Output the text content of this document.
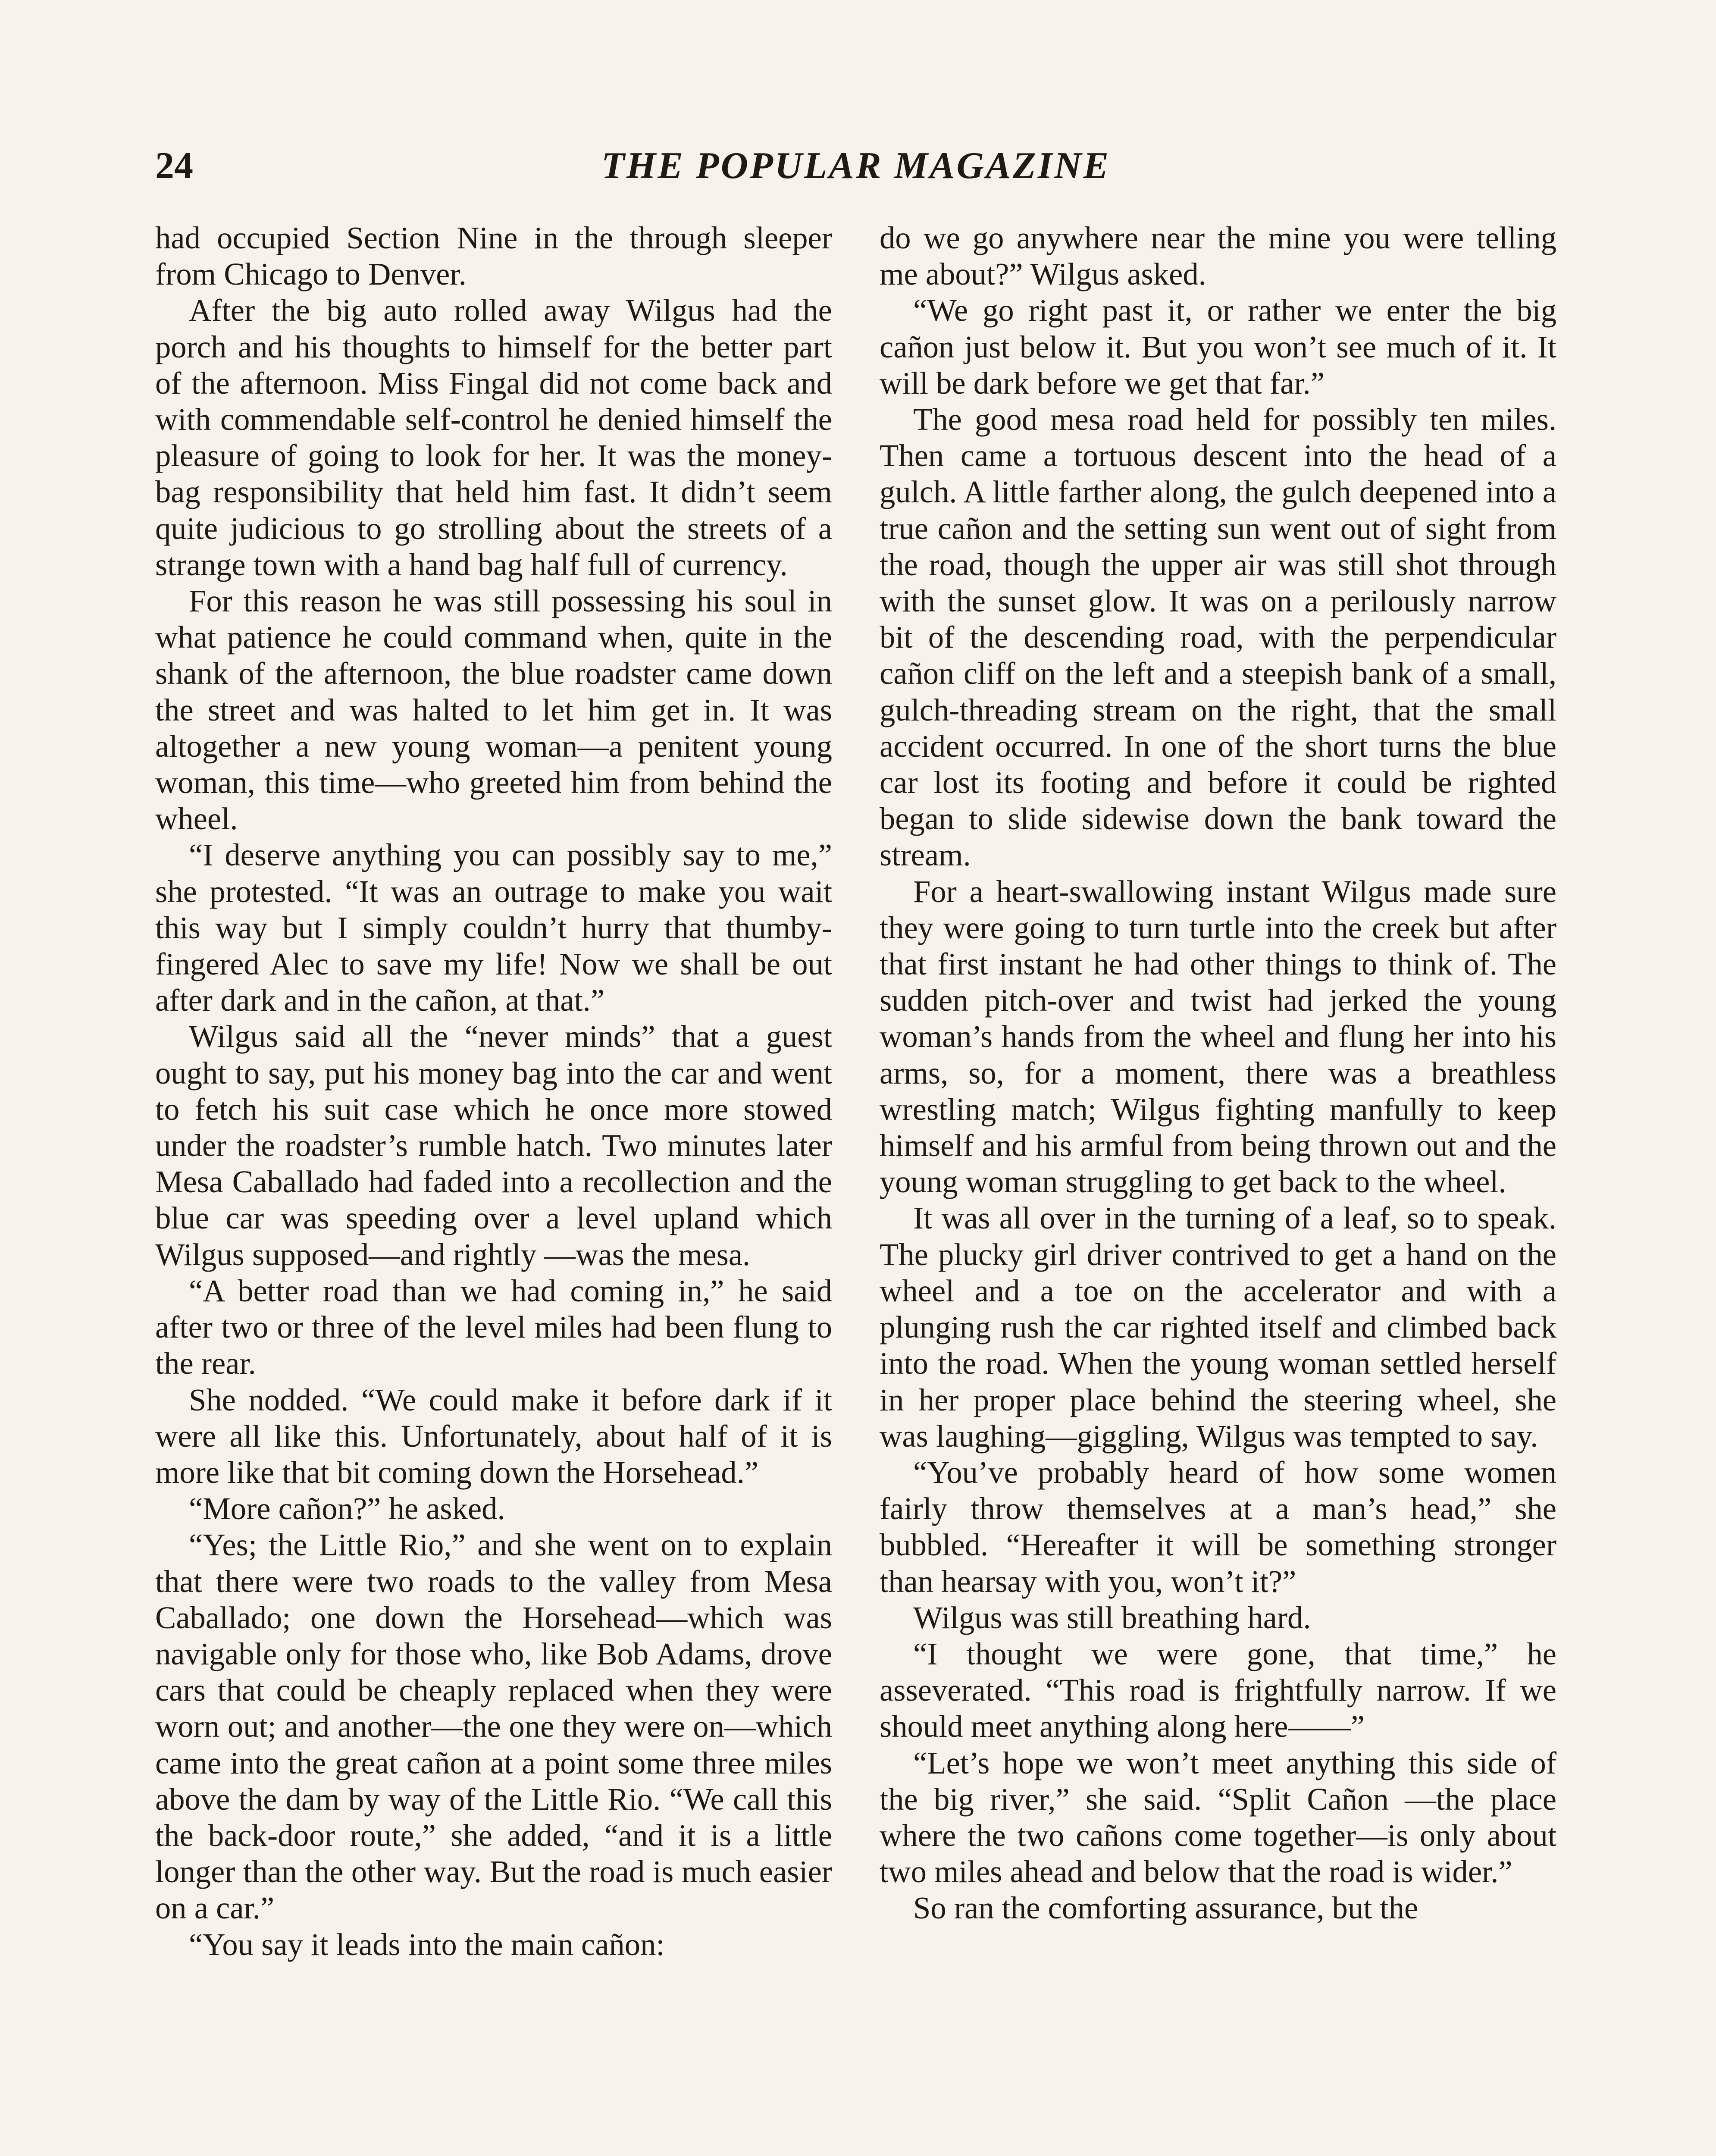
24	THE POPULAR MAGAZINE

had occupied Section Nine in the through sleeper from Chicago to Denver.

After the big auto rolled away Wilgus had the porch and his thoughts to himself for the better part of the afternoon. Miss Fingal did not come back and with commendable self-control he denied himself the pleasure of going to look for her. It was the money-bag responsibility that held him fast. It didn’t seem quite judicious to go strolling about the streets of a strange town with a hand bag half full of currency.

For this reason he was still possessing his soul in what patience he could command when, quite in the shank of the afternoon, the blue roadster came down the street and was halted to let him get in. It was altogether a new young woman—a penitent young woman, this time—who greeted him from behind the wheel.

“I deserve anything you can possibly say to me,” she protested. “It was an outrage to make you wait this way but I simply couldn’t hurry that thumby-fingered Alec to save my life! Now we shall be out after dark and in the cañon, at that.”

Wilgus said all the “never minds” that a guest ought to say, put his money bag into the car and went to fetch his suit case which he once more stowed under the roadster’s rumble hatch. Two minutes later Mesa Caballado had faded into a recollection and the blue car was speeding over a level upland which Wilgus supposed—and rightly —was the mesa.

“A better road than we had coming in,” he said after two or three of the level miles had been flung to the rear.

She nodded. “We could make it before dark if it were all like this. Unfortunately, about half of it is more like that bit coming down the Horsehead.”

“More cañon?” he asked.

“Yes; the Little Rio,” and she went on to explain that there were two roads to the valley from Mesa Caballado; one down the Horsehead—which was navigable only for those who, like Bob Adams, drove cars that could be cheaply replaced when they were worn out; and another—the one they were on—which came into the great cañon at a point some three miles above the dam by way of the Little Rio. “We call this the back-door route,” she added, “and it is a little longer than the other way. But the road is much easier on a car.”

“You say it leads into the main cañon:

do we go anywhere near the mine you were telling me about?” Wilgus asked.

“We go right past it, or rather we enter the big cañon just below it. But you won’t see much of it. It will be dark before we get that far.”

The good mesa road held for possibly ten miles. Then came a tortuous descent into the head of a gulch. A little farther along, the gulch deepened into a true cañon and the setting sun went out of sight from the road, though the upper air was still shot through with the sunset glow. It was on a perilously narrow bit of the descending road, with the perpendicular cañon cliff on the left and a steepish bank of a small, gulch-threading stream on the right, that the small accident occurred. In one of the short turns the blue car lost its footing and before it could be righted began to slide sidewise down the bank toward the stream.

For a heart-swallowing instant Wilgus made sure they were going to turn turtle into the creek but after that first instant he had other things to think of. The sudden pitch-over and twist had jerked the young woman’s hands from the wheel and flung her into his arms, so, for a moment, there was a breathless wrestling match; Wilgus fighting manfully to keep himself and his armful from being thrown out and the young woman struggling to get back to the wheel.

It was all over in the turning of a leaf, so to speak. The plucky girl driver contrived to get a hand on the wheel and a toe on the accelerator and with a plunging rush the car righted itself and climbed back into the road. When the young woman settled herself in her proper place behind the steering wheel, she was laughing—giggling, Wilgus was tempted to say.

“You’ve probably heard of how some women fairly throw themselves at a man’s head,” she bubbled. “Hereafter it will be something stronger than hearsay with you, won’t it?”

Wilgus was still breathing hard.

“I thought we were gone, that time,” he asseverated. “This road is frightfully narrow. If we should meet anything along here——”

“Let’s hope we won’t meet anything this side of the big river,” she said. “Split Cañon —the place where the two cañons come together—is only about two miles ahead and below that the road is wider.”

So ran the comforting assurance, but the
